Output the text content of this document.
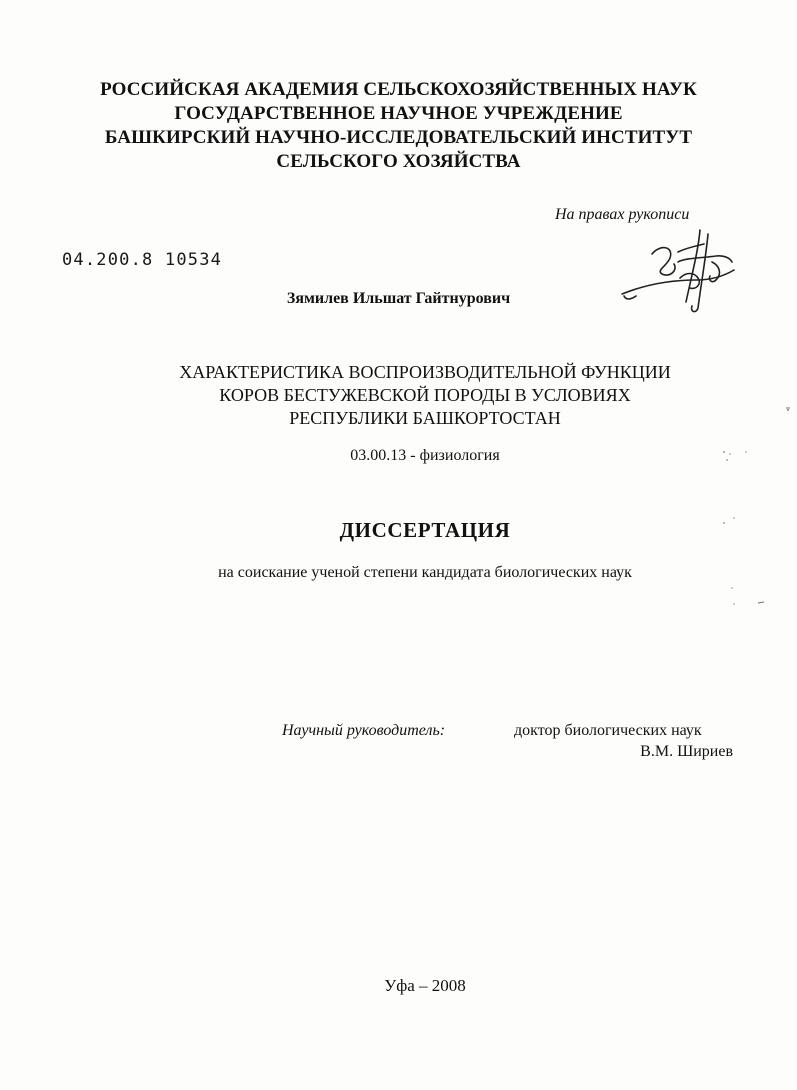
РОССИЙСКАЯ АКАДЕМИЯ СЕЛЬСКОХОЗЯЙСТВЕННЫХ НАУК
ГОСУДАРСТВЕННОЕ НАУЧНОЕ УЧРЕЖДЕНИЕ
БАШКИРСКИЙ НАУЧНО-ИССЛЕДОВАТЕЛЬСКИЙ ИНСТИТУТ
СЕЛЬСКОГО ХОЗЯЙСТВА
На правах рукописи
04.200.8 10534
Зямилев Ильшат Гайтнурович
ХАРАКТЕРИСТИКА ВОСПРОИЗВОДИТЕЛЬНОЙ ФУНКЦИИ
КОРОВ БЕСТУЖЕВСКОЙ ПОРОДЫ В УСЛОВИЯХ
РЕСПУБЛИКИ БАШКОРТОСТАН
03.00.13 - физиология
ДИССЕРТАЦИЯ
на соискание ученой степени кандидата биологических наук
Научный руководитель:	доктор биологических наук
В.М. Шириев
Уфа – 2008
